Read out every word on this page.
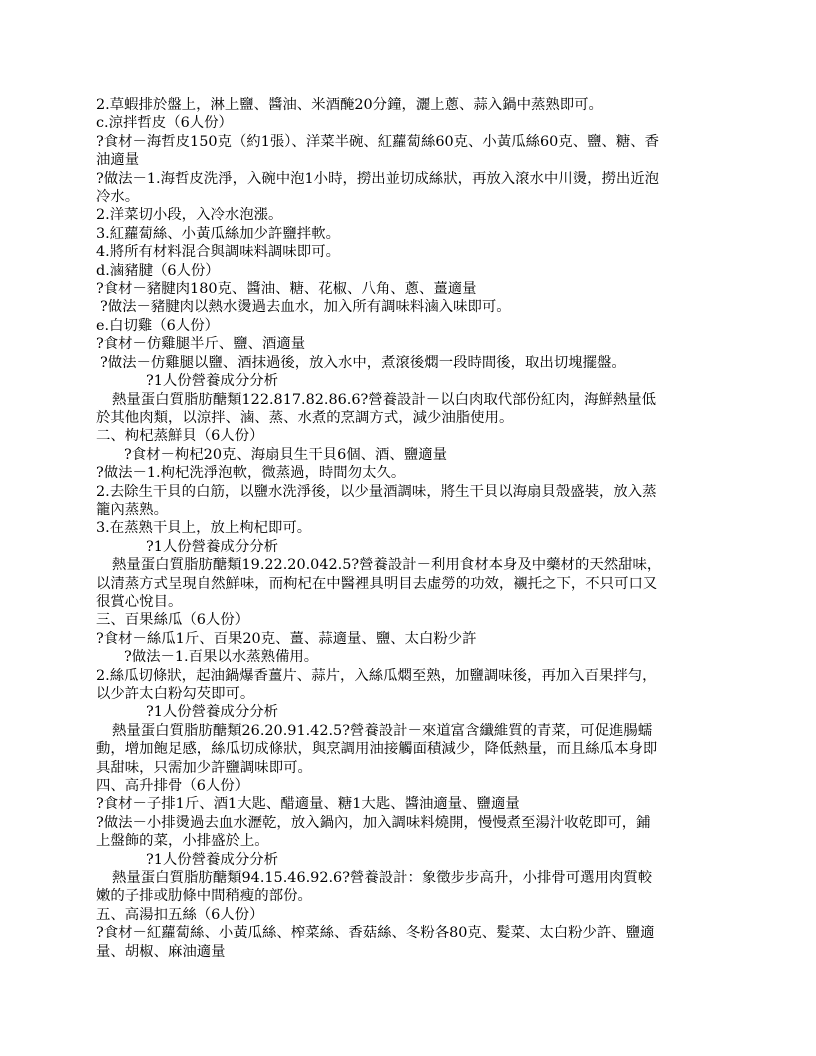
2.草蝦排於盤上，淋上鹽、醬油、米酒醃20分鐘，灑上蔥、蒜入鍋中蒸熟即可。
c.涼拌哲皮（6人份）
?食材－海哲皮150克（約1張）、洋菜半碗、紅蘿蔔絲60克、小黃瓜絲60克、鹽、糖、香
油適量
?做法－1.海哲皮洗淨，入碗中泡1小時，撈出並切成絲狀，再放入滾水中川燙，撈出近泡
冷水。
2.洋菜切小段，入冷水泡漲。
3.紅蘿蔔絲、小黃瓜絲加少許鹽拌軟。
4.將所有材料混合與調味料調味即可。
d.滷豬腱（6人份）
?食材－豬腱肉180克、醬油、糖、花椒、八角、蔥、薑適量
?做法－豬腱肉以熱水燙過去血水，加入所有調味料滷入味即可。
e.白切雞（6人份）
?食材－仿雞腿半斤、鹽、酒適量
?做法－仿雞腿以鹽、酒抹過後，放入水中，煮滾後燜一段時間後，取出切塊擺盤。
?1人份營養成分分析
熱量蛋白質脂肪醣類122.817.82.86.6?營養設計－以白肉取代部份紅肉，海鮮熱量低
於其他肉類，以涼拌、滷、蒸、水煮的烹調方式，減少油脂使用。
二、枸杞蒸鮮貝（6人份）
?食材－枸杞20克、海扇貝生干貝6個、酒、鹽適量
?做法－1.枸杞洗淨泡軟，微蒸過，時間勿太久。
2.去除生干貝的白筋，以鹽水洗淨後，以少量酒調味，將生干貝以海扇貝殼盛裝，放入蒸
籠內蒸熟。
3.在蒸熟干貝上，放上枸杞即可。
?1人份營養成分分析
熱量蛋白質脂肪醣類19.22.20.042.5?營養設計－利用食材本身及中藥材的天然甜味，
以清蒸方式呈現自然鮮味，而枸杞在中醫裡具明目去虛勞的功效，襯托之下，不只可口又
很賞心悅目。
三、百果絲瓜（6人份）
?食材－絲瓜1斤、百果20克、薑、蒜適量、鹽、太白粉少許
?做法－1.百果以水蒸熟備用。
2.絲瓜切條狀，起油鍋爆香薑片、蒜片，入絲瓜燜至熟，加鹽調味後，再加入百果拌勻，
以少許太白粉勾芡即可。
?1人份營養成分分析
熱量蛋白質脂肪醣類26.20.91.42.5?營養設計－來道富含纖維質的青菜，可促進腸蠕
動，增加飽足感，絲瓜切成條狀，與烹調用油接觸面積減少，降低熱量，而且絲瓜本身即
具甜味，只需加少許鹽調味即可。
四、高升排骨（6人份）
?食材－子排1斤、酒1大匙、醋適量、糖1大匙、醬油適量、鹽適量
?做法－小排燙過去血水瀝乾，放入鍋內，加入調味料燒開，慢慢煮至湯汁收乾即可，鋪
上盤飾的菜，小排盛於上。
?1人份營養成分分析
熱量蛋白質脂肪醣類94.15.46.92.6?營養設計：象徵步步高升，小排骨可選用肉質較
嫩的子排或肋條中間稍瘦的部份。
五、高湯扣五絲（6人份）
?食材－紅蘿蔔絲、小黃瓜絲、榨菜絲、香菇絲、冬粉各80克、髮菜、太白粉少許、鹽適
量、胡椒、麻油適量
